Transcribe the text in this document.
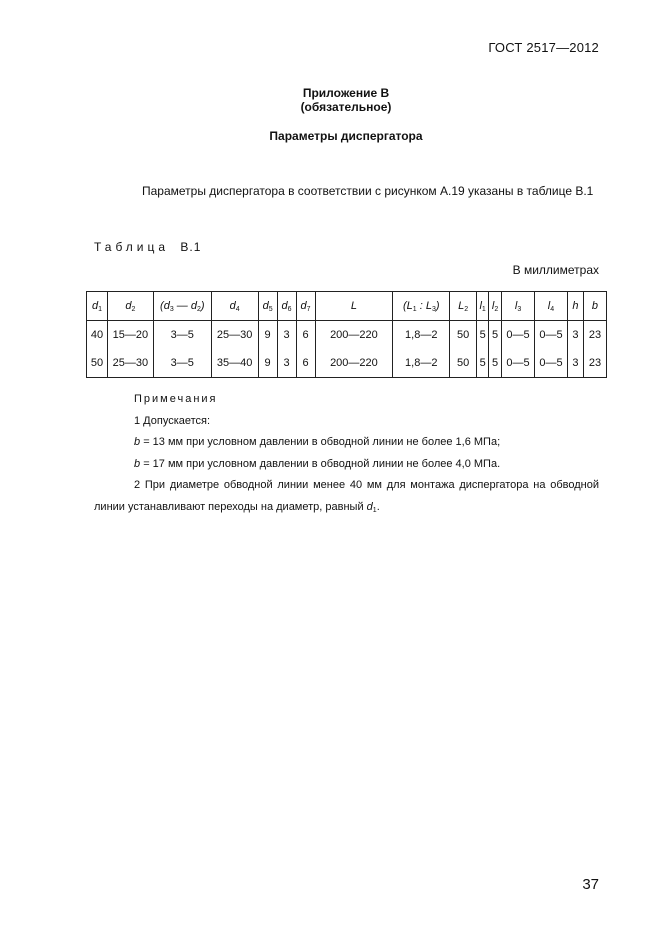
ГОСТ 2517—2012
Приложение В
(обязательное)
Параметры диспергатора
Параметры диспергатора в соответствии с рисунком А.19 указаны в таблице В.1
Таблица В.1
В миллиметрах
$d_1$	$d_2$	($d_3$ — $d_2$)	$d_4$	$d_5$	$d_6$	$d_7$	L	($L_1$ : $L_3$)	$L_2$	$l_1$	$l_2$	$l_3$	$l_4$	h	b
40	15—20	3—5	25—30	9	3	6	200—220	1,8—2	50	5	5	0—5	0—5	3	23
50	25—30	3—5	35—40	9	3	6	200—220	1,8—2	50	5	5	0—5	0—5	3	23
Примечания
1 Допускается:
b = 13 мм при условном давлении в обводной линии не более 1,6 МПа;
b = 17 мм при условном давлении в обводной линии не более 4,0 МПа.
2 При диаметре обводной линии менее 40 мм для монтажа диспергатора на обводной линии устанавливают переходы на диаметр, равный $d_1$.
37
